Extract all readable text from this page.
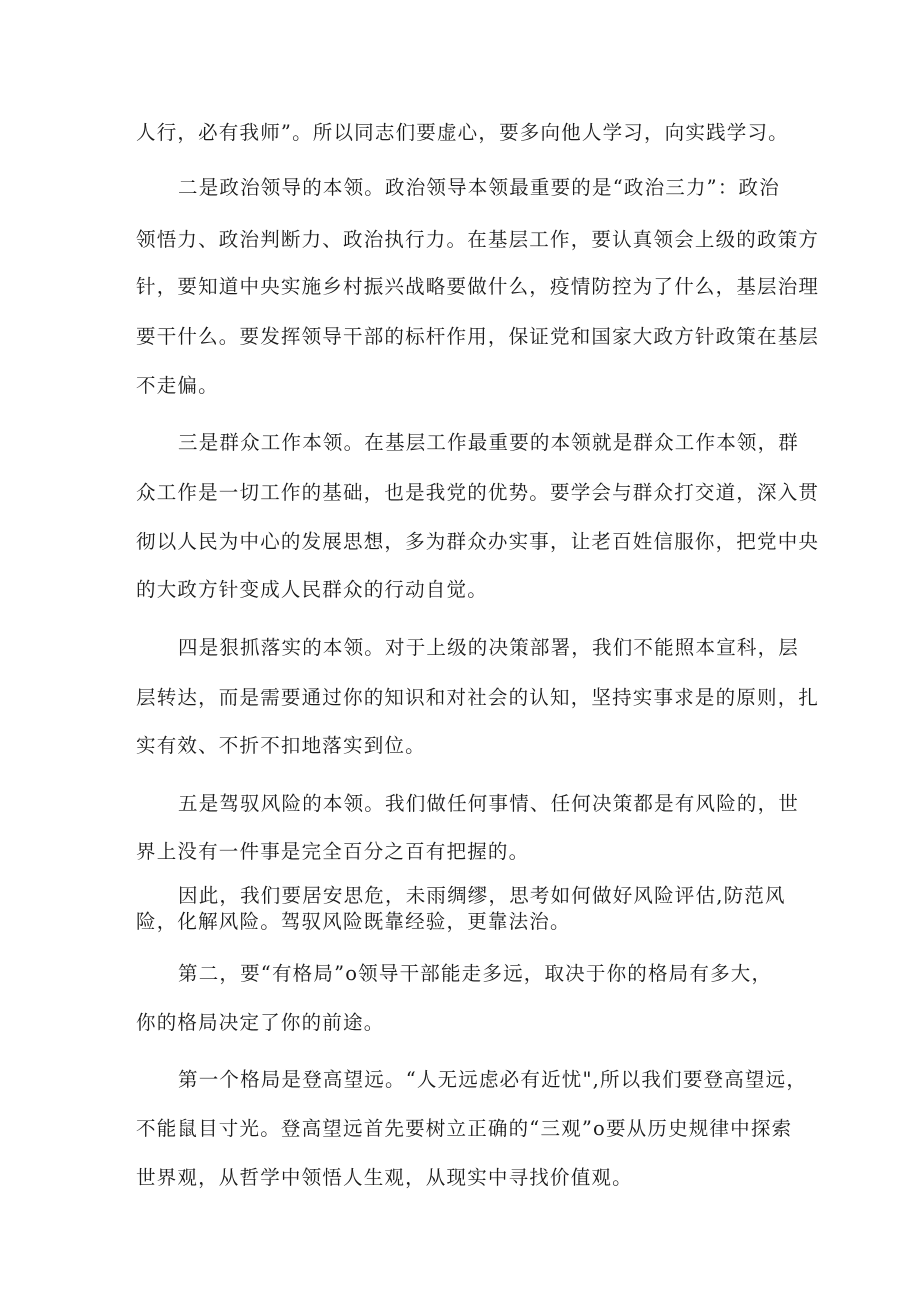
人行，必有我师”。所以同志们要虚心，要多向他人学习，向实践学习。
二是政治领导的本领。政治领导本领最重要的是“政治三力”：政治
领悟力、政治判断力、政治执行力。在基层工作，要认真领会上级的政策方
针，要知道中央实施乡村振兴战略要做什么，疫情防控为了什么，基层治理
要干什么。要发挥领导干部的标杆作用，保证党和国家大政方针政策在基层
不走偏。
三是群众工作本领。在基层工作最重要的本领就是群众工作本领，群
众工作是一切工作的基础，也是我党的优势。要学会与群众打交道，深入贯
彻以人民为中心的发展思想，多为群众办实事，让老百姓信服你，把党中央
的大政方针变成人民群众的行动自觉。
四是狠抓落实的本领。对于上级的决策部署，我们不能照本宣科，层
层转达，而是需要通过你的知识和对社会的认知，坚持实事求是的原则，扎
实有效、不折不扣地落实到位。
五是驾驭风险的本领。我们做任何事情、任何决策都是有风险的，世
界上没有一件事是完全百分之百有把握的。
因此，我们要居安思危，未雨绸缪，思考如何做好风险评估,防范风
险，化解风险。驾驭风险既靠经验，更靠法治。
第二，要“有格局”o领导干部能走多远，取决于你的格局有多大，
你的格局决定了你的前途。
第一个格局是登高望远。“人无远虑必有近忧",所以我们要登高望远，
不能鼠目寸光。登高望远首先要树立正确的“三观”o要从历史规律中探索
世界观，从哲学中领悟人生观，从现实中寻找价值观。
